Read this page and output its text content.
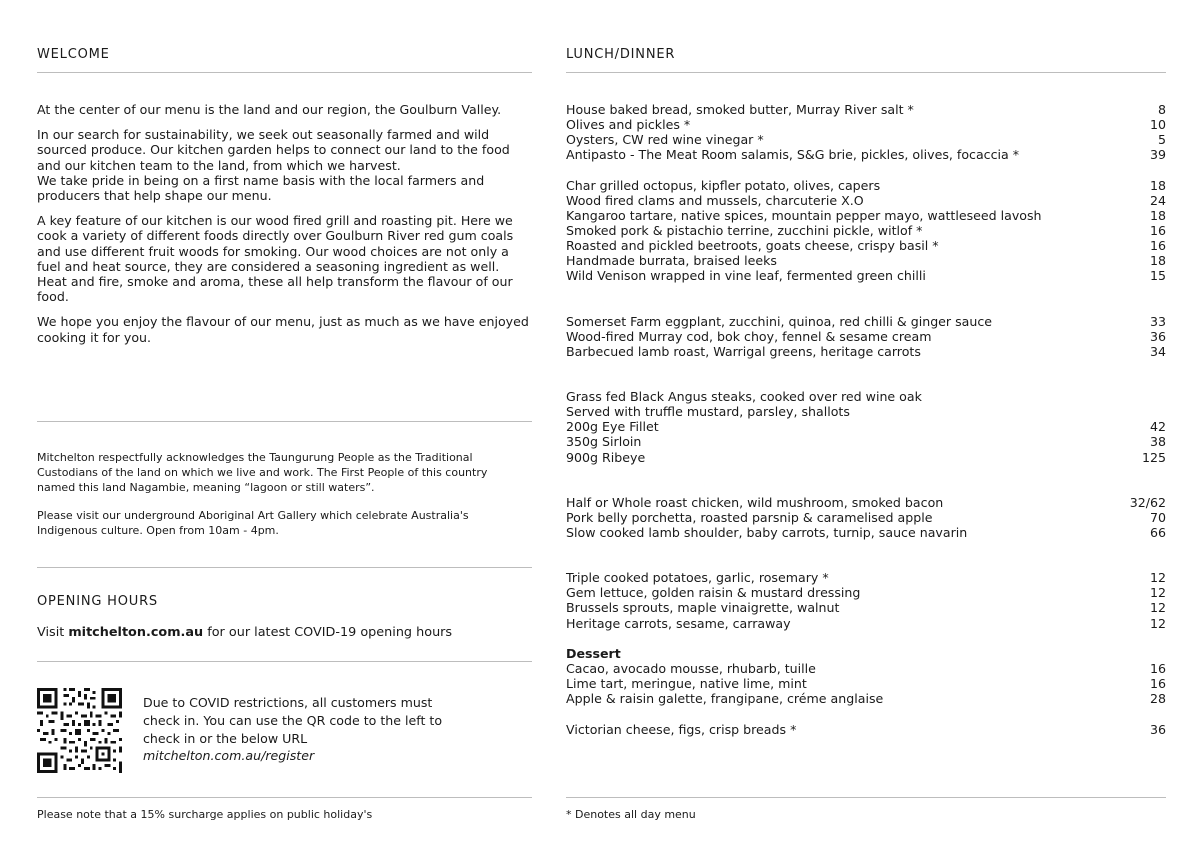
WELCOME

At the center of our menu is the land and our region, the Goulburn Valley.

In our search for sustainability, we seek out seasonally farmed and wild sourced produce. Our kitchen garden helps to connect our land to the food and our kitchen team to the land, from which we harvest.
We take pride in being on a first name basis with the local farmers and producers that help shape our menu.

A key feature of our kitchen is our wood fired grill and roasting pit. Here we cook a variety of different foods directly over Goulburn River red gum coals and use different fruit woods for smoking. Our wood choices are not only a fuel and heat source, they are considered a seasoning ingredient as well. Heat and fire, smoke and aroma, these all help transform the flavour of our food.

We hope you enjoy the flavour of our menu, just as much as we have enjoyed cooking it for you.

Mitchelton respectfully acknowledges the Taungurung People as the Traditional Custodians of the land on which we live and work. The First People of this country named this land Nagambie, meaning “lagoon or still waters”.

Please visit our underground Aboriginal Art Gallery which celebrate Australia's Indigenous culture. Open from 10am - 4pm.

OPENING HOURS
Visit mitchelton.com.au for our latest COVID-19 opening hours
Due to COVID restrictions, all customers must check in. You can use the QR code to the left to check in or the below URL
mitchelton.com.au/register
Please note that a 15% surcharge applies on public holiday's
LUNCH/DINNER
House baked bread, smoked butter, Murray River salt *	8
Olives and pickles *	10
Oysters, CW red wine vinegar *	5
Antipasto - The Meat Room salamis, S&G brie, pickles, olives, focaccia *	39
Char grilled octopus, kipfler potato, olives, capers	18
Wood fired clams and mussels, charcuterie X.O	24
Kangaroo tartare, native spices, mountain pepper mayo, wattleseed lavosh	18
Smoked pork & pistachio terrine, zucchini pickle, witlof *	16
Roasted and pickled beetroots, goats cheese, crispy basil *	16
Handmade burrata, braised leeks	18
Wild Venison wrapped in vine leaf, fermented green chilli	15
Somerset Farm eggplant, zucchini, quinoa, red chilli & ginger sauce	33
Wood-fired Murray cod, bok choy, fennel & sesame cream	36
Barbecued lamb roast, Warrigal greens, heritage carrots	34
Grass fed Black Angus steaks, cooked over red wine oak
Served with truffle mustard, parsley, shallots
200g Eye Fillet	42
350g Sirloin	38
900g Ribeye	125
Half or Whole roast chicken, wild mushroom, smoked bacon	32/62
Pork belly porchetta, roasted parsnip & caramelised apple	70
Slow cooked lamb shoulder, baby carrots, turnip, sauce navarin	66
Triple cooked potatoes, garlic, rosemary *	12
Gem lettuce, golden raisin & mustard dressing	12
Brussels sprouts, maple vinaigrette, walnut	12
Heritage carrots, sesame, carraway	12
Dessert
Cacao, avocado mousse, rhubarb, tuille	16
Lime tart, meringue, native lime, mint	16
Apple & raisin galette, frangipane, créme anglaise	28
Victorian cheese, figs, crisp breads *	36
* Denotes all day menu
